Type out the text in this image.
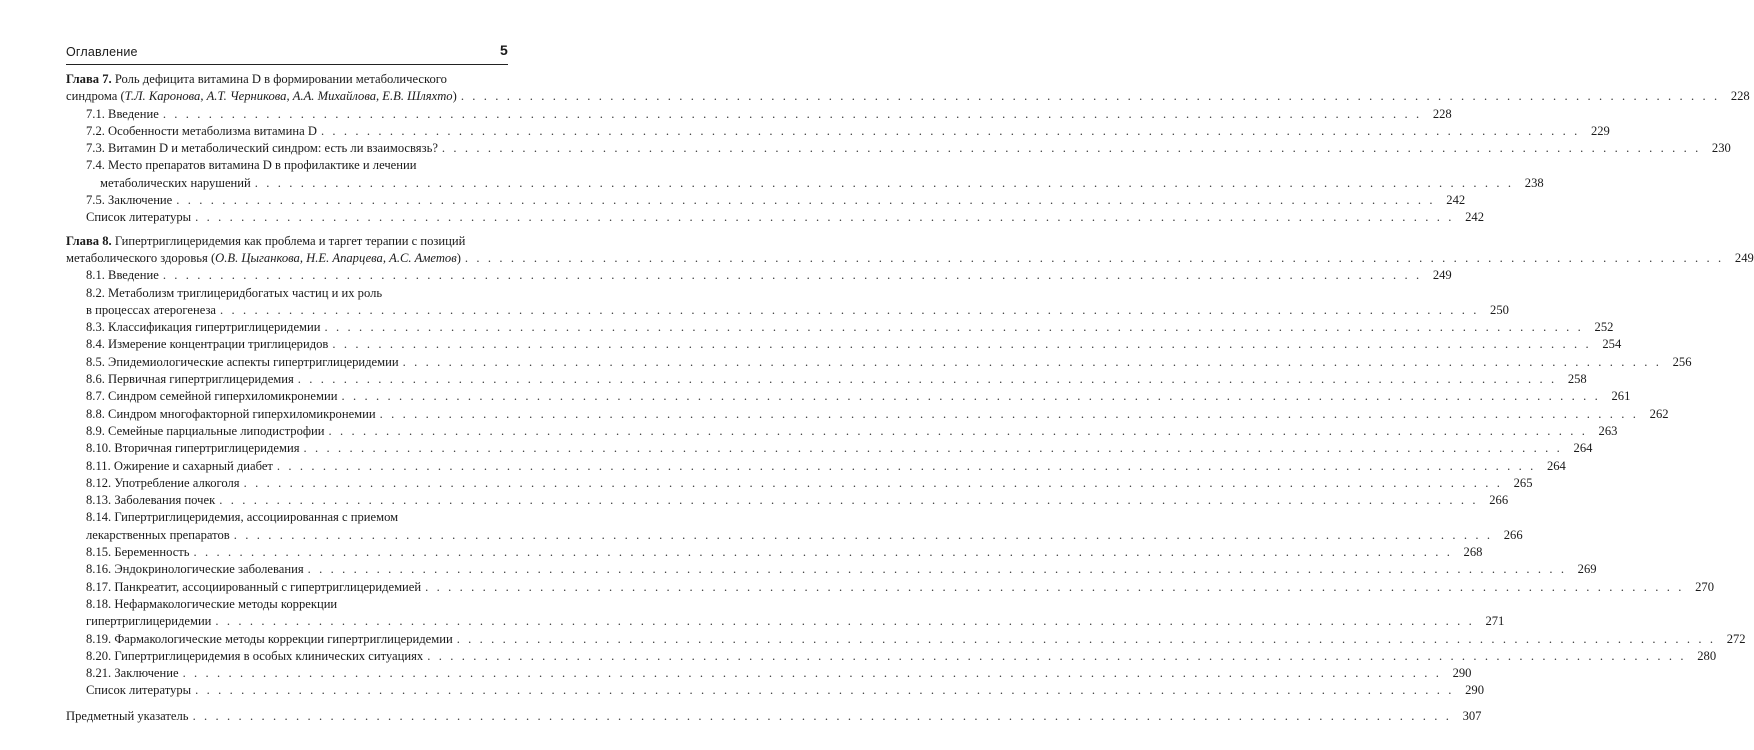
Оглавление	5
Глава 7. Роль дефицита витамина D в формировании метаболического
синдрома (Т.Л. Каронова, А.Т. Черникова, А.А. Михайлова, Е.В. Шляхто) . . .	228
7.1. Введение . . .	228
7.2. Особенности метаболизма витамина D . . .	229
7.3. Витамин D и метаболический синдром: есть ли взаимосвязь? . . .	230
7.4. Место препаратов витамина D в профилактике и лечении
метаболических нарушений . . .	238
7.5. Заключение . . .	242
Список литературы . . .	242
Глава 8. Гипертриглицеридемия как проблема и таргет терапии с позиций
метаболического здоровья (О.В. Цыганкова, Н.Е. Апарцева, А.С. Аметов) . . .	249
8.1. Введение . . .	249
8.2. Метаболизм триглицеридбогатых частиц и их роль
в процессах атерогенеза . . .	250
8.3. Классификация гипертриглицеридемии . . .	252
8.4. Измерение концентрации триглицеридов . . .	254
8.5. Эпидемиологические аспекты гипертриглицеридемии . . .	256
8.6. Первичная гипертриглицеридемия . . .	258
8.7. Синдром семейной гиперхиломикронемии . . .	261
8.8. Синдром многофакторной гиперхиломикронемии . . .	262
8.9. Семейные парциальные липодистрофии . . .	263
8.10. Вторичная гипертриглицеридемия . . .	264
8.11. Ожирение и сахарный диабет . . .	264
8.12. Употребление алкоголя . . .	265
8.13. Заболевания почек . . .	266
8.14. Гипертриглицеридемия, ассоциированная с приемом
лекарственных препаратов . . .	266
8.15. Беременность . . .	268
8.16. Эндокринологические заболевания . . .	269
8.17. Панкреатит, ассоциированный с гипертриглицеридемией . . .	270
8.18. Нефармакологические методы коррекции
гипертриглицеридемии . . .	271
8.19. Фармакологические методы коррекции гипертриглицеридемии . . .	272
8.20. Гипертриглицеридемия в особых клинических ситуациях . . .	280
8.21. Заключение . . .	290
Список литературы . . .	290
Предметный указатель . . .	307
